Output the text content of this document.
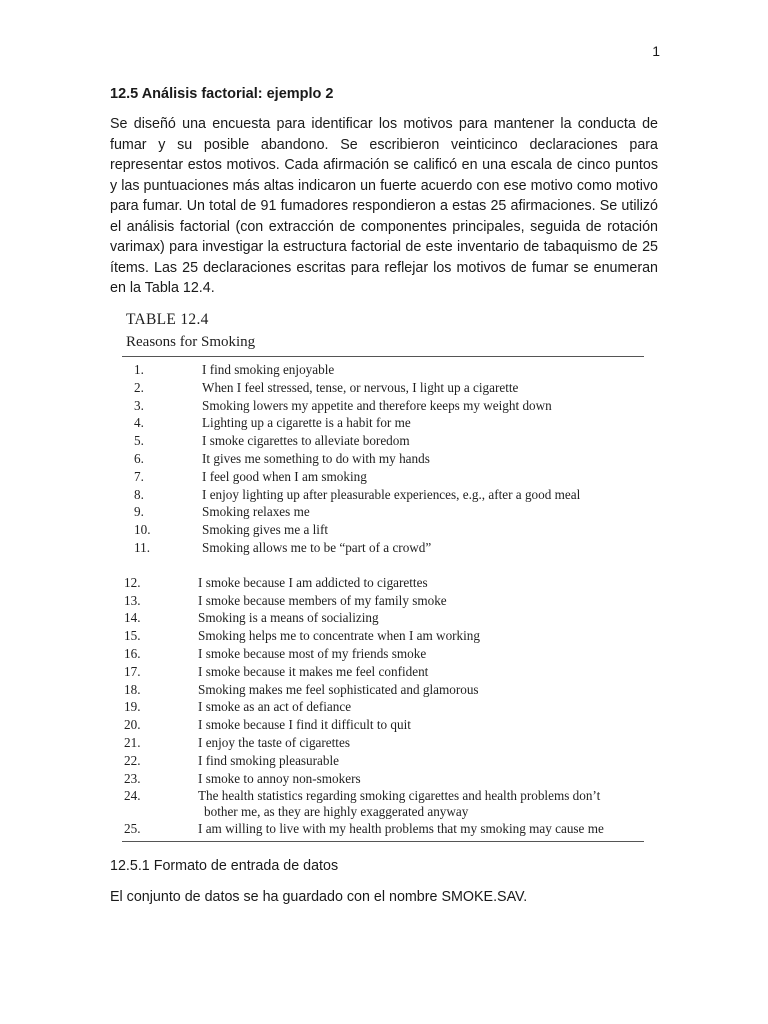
1
12.5 Análisis factorial: ejemplo 2

Se diseñó una encuesta para identificar los motivos para mantener la conducta de fumar y su posible abandono. Se escribieron veinticinco declaraciones para representar estos motivos. Cada afirmación se calificó en una escala de cinco puntos y las puntuaciones más altas indicaron un fuerte acuerdo con ese motivo como motivo para fumar. Un total de 91 fumadores respondieron a estas 25 afirmaciones. Se utilizó el análisis factorial (con extracción de componentes principales, seguida de rotación varimax) para investigar la estructura factorial de este inventario de tabaquismo de 25 ítems. Las 25 declaraciones escritas para reflejar los motivos de fumar se enumeran en la Tabla 12.4.

TABLE 12.4
Reasons for Smoking
1.	I find smoking enjoyable
2.	When I feel stressed, tense, or nervous, I light up a cigarette
3.	Smoking lowers my appetite and therefore keeps my weight down
4.	Lighting up a cigarette is a habit for me
5.	I smoke cigarettes to alleviate boredom
6.	It gives me something to do with my hands
7.	I feel good when I am smoking
8.	I enjoy lighting up after pleasurable experiences, e.g., after a good meal
9.	Smoking relaxes me
10.	Smoking gives me a lift
11.	Smoking allows me to be “part of a crowd”
12.	I smoke because I am addicted to cigarettes
13.	I smoke because members of my family smoke
14.	Smoking is a means of socializing
15.	Smoking helps me to concentrate when I am working
16.	I smoke because most of my friends smoke
17.	I smoke because it makes me feel confident
18.	Smoking makes me feel sophisticated and glamorous
19.	I smoke as an act of defiance
20.	I smoke because I find it difficult to quit
21.	I enjoy the taste of cigarettes
22.	I find smoking pleasurable
23.	I smoke to annoy non-smokers
24.	The health statistics regarding smoking cigarettes and health problems don’t
bother me, as they are highly exaggerated anyway
25.	I am willing to live with my health problems that my smoking may cause me
12.5.1 Formato de entrada de datos

El conjunto de datos se ha guardado con el nombre SMOKE.SAV.
